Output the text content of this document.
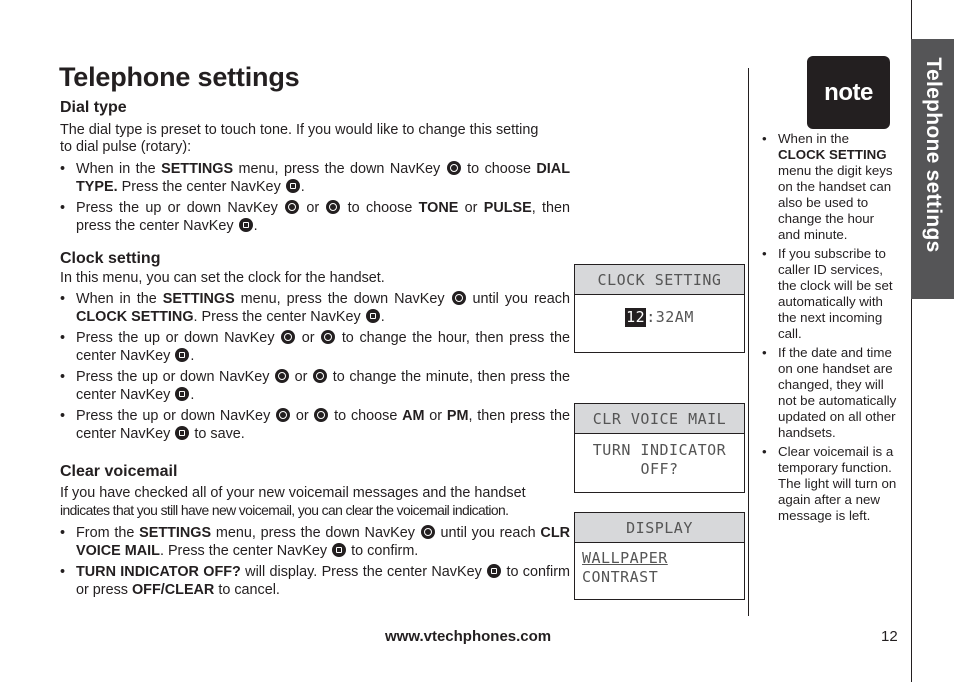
Telephone settings
Telephone settings
Dial type
The dial type is preset to touch tone. If you would like to change this setting
to dial pulse (rotary):
• When in the SETTINGS menu, press the down NavKey  to choose DIAL TYPE. Press the center NavKey .
• Press the up or down NavKey  or  to choose TONE or PULSE, then press the center NavKey .
Clock setting
In this menu, you can set the clock for the handset.
• When in the SETTINGS menu, press the down NavKey  until you reach CLOCK SETTING. Press the center NavKey .
• Press the up or down NavKey  or  to change the hour, then press the center NavKey .
• Press the up or down NavKey  or  to change the minute, then press the center NavKey .
• Press the up or down NavKey  or  to choose AM or PM, then press the center NavKey  to save.
Clear voicemail
If you have checked all of your new voicemail messages and the handset
indicates that you still have new voicemail, you can clear the voicemail indication.
• From the SETTINGS menu, press the down NavKey  until you reach CLR VOICE MAIL. Press the center NavKey  to confirm.
• TURN INDICATOR OFF? will display. Press the center NavKey  to confirm or press OFF/CLEAR to cancel.
CLOCK SETTING
12:32AM
CLR VOICE MAIL
TURN INDICATOR
OFF?
DISPLAY
WALLPAPER
CONTRAST
note
• When in the CLOCK SETTING menu the digit keys on the handset can also be used to change the hour and minute.
• If you subscribe to caller ID services, the clock will be set automatically with the next incoming call.
• If the date and time on one handset are changed, they will not be automatically updated on all other handsets.
• Clear voicemail is a temporary function. The light will turn on again after a new message is left.
www.vtechphones.com	12
